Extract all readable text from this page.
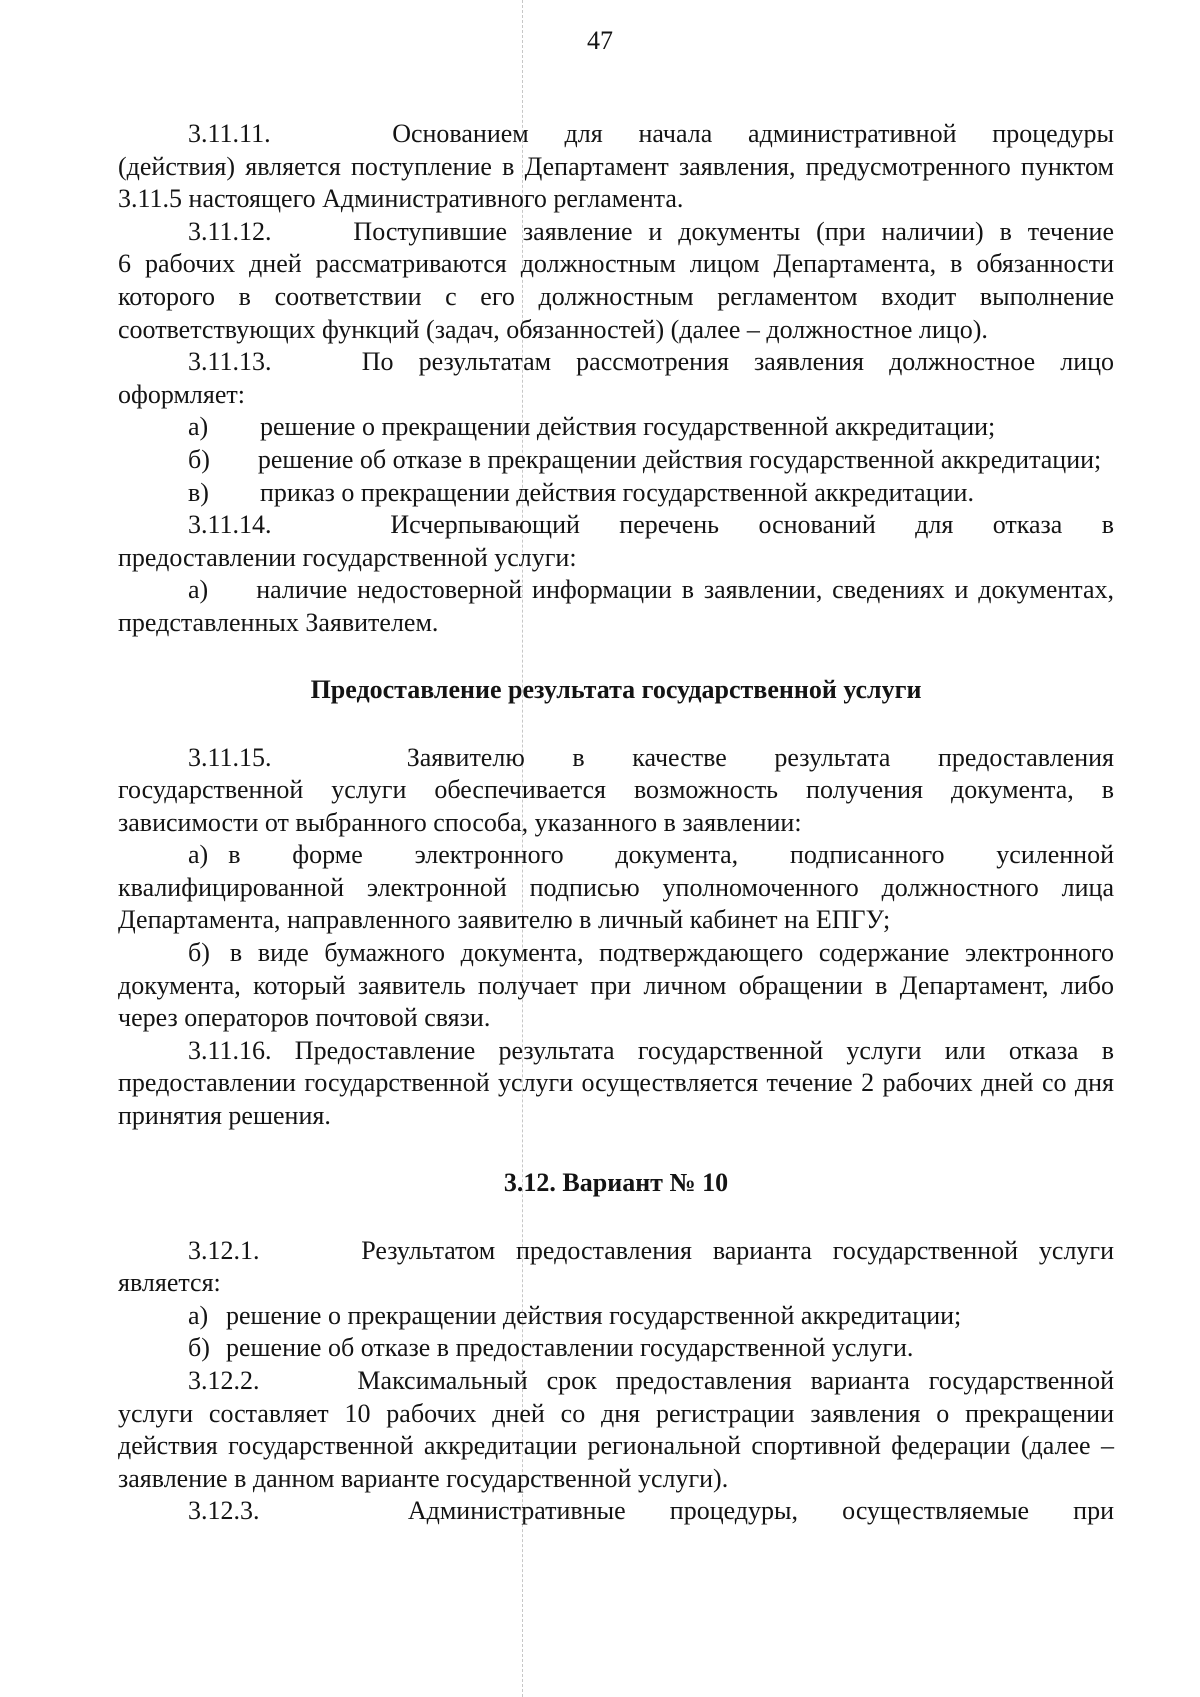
47

3.11.11.	Основанием для начала административной процедуры

(действия) является поступление в Департамент заявления, предусмотренного пунктом 3.11.5 настоящего Административного регламента.

3.11.12.	Поступившие заявление и документы (при наличии) в течение

6 рабочих дней рассматриваются должностным лицом Департамента, в обязанности которого в соответствии с его должностным регламентом входит выполнение соответствующих функций (задач, обязанностей) (далее – должностное лицо).

3.11.13.	По результатам рассмотрения заявления должностное лицо

оформляет:

а)	решение о прекращении действия государственной аккредитации;

б) решение об отказе в прекращении действия государственной аккредитации;

в)	приказ о прекращении действия государственной аккредитации.

3.11.14.	Исчерпывающий перечень оснований для отказа в

предоставлении государственной услуги:

а) наличие недостоверной информации в заявлении, сведениях и документах, представленных Заявителем.

Предоставление результата государственной услуги

3.11.15.	Заявителю в качестве результата предоставления

государственной услуги обеспечивается возможность получения документа, в зависимости от выбранного способа, указанного в заявлении:

а) в форме электронного документа, подписанного усиленной квалифицированной электронной подписью уполномоченного должностного лица Департамента, направленного заявителю в личный кабинет на ЕПГУ;

б) в виде бумажного документа, подтверждающего содержание электронного документа, который заявитель получает при личном обращении в Департамент, либо через операторов почтовой связи.

3.11.16. Предоставление результата государственной услуги или отказа в предоставлении государственной услуги осуществляется течение 2 рабочих дней со дня принятия решения.

3.12. Вариант № 10

3.12.1.	Результатом предоставления варианта государственной услуги

является:

а) решение о прекращении действия государственной аккредитации;
б) решение об отказе в предоставлении государственной услуги.

3.12.2.	Максимальный срок предоставления варианта государственной

услуги составляет 10 рабочих дней со дня регистрации заявления о прекращении действия государственной аккредитации региональной спортивной федерации (далее – заявление в данном варианте государственной услуги).

3.12.3.	Административные процедуры, осуществляемые при
